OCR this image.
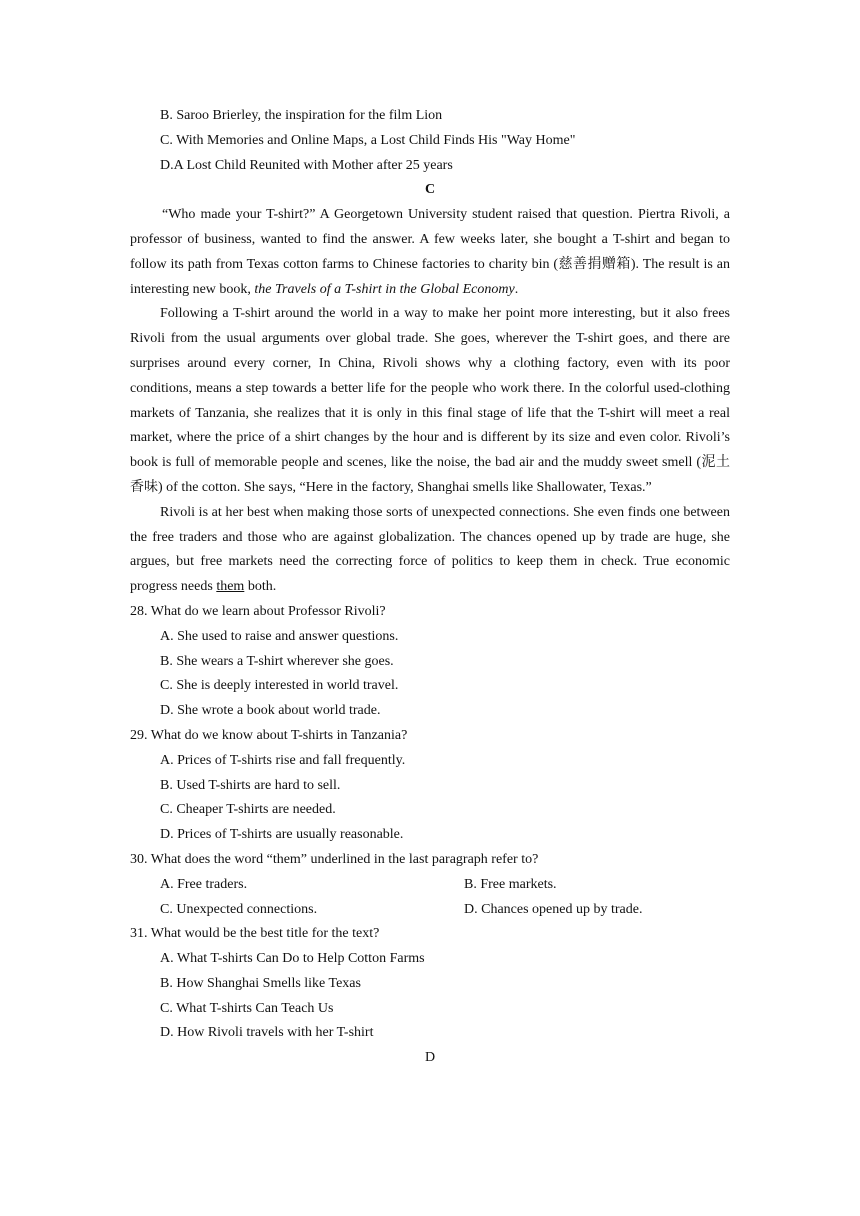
B. Saroo Brierley, the inspiration for the film Lion
C. With Memories and Online Maps, a Lost Child Finds His "Way Home"
D.A Lost Child Reunited with Mother after 25 years
C
“Who made your T-shirt?” A Georgetown University student raised that question. Piertra Rivoli, a professor of business, wanted to find the answer. A few weeks later, she bought a T-shirt and began to follow its path from Texas cotton farms to Chinese factories to charity bin (慈善捐赠箱). The result is an interesting new book, the Travels of a T-shirt in the Global Economy.
Following a T-shirt around the world in a way to make her point more interesting, but it also frees Rivoli from the usual arguments over global trade. She goes, wherever the T-shirt goes, and there are surprises around every corner, In China, Rivoli shows why a clothing factory, even with its poor conditions, means a step towards a better life for the people who work there. In the colorful used-clothing markets of Tanzania, she realizes that it is only in this final stage of life that the T-shirt will meet a real market, where the price of a shirt changes by the hour and is different by its size and even color. Rivoli’s book is full of memorable people and scenes, like the noise, the bad air and the muddy sweet smell (泥土香味) of the cotton. She says, “Here in the factory, Shanghai smells like Shallowater, Texas.”
Rivoli is at her best when making those sorts of unexpected connections. She even finds one between the free traders and those who are against globalization. The chances opened up by trade are huge, she argues, but free markets need the correcting force of politics to keep them in check. True economic progress needs them both.
28. What do we learn about Professor Rivoli?
A. She used to raise and answer questions.
B. She wears a T-shirt wherever she goes.
C. She is deeply interested in world travel.
D. She wrote a book about world trade.
29. What do we know about T-shirts in Tanzania?
A. Prices of T-shirts rise and fall frequently.
B. Used T-shirts are hard to sell.
C. Cheaper T-shirts are needed.
D. Prices of T-shirts are usually reasonable.
30. What does the word “them” underlined in the last paragraph refer to?
A. Free traders.	B. Free markets.
C. Unexpected connections.	D. Chances opened up by trade.
31. What would be the best title for the text?
A. What T-shirts Can Do to Help Cotton Farms
B. How Shanghai Smells like Texas
C. What T-shirts Can Teach Us
D. How Rivoli travels with her T-shirt
D
